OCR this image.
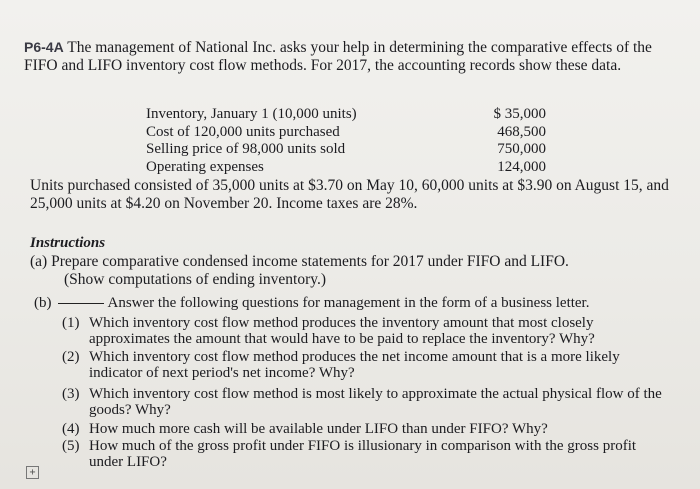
P6-4A The management of National Inc. asks your help in determining the comparative effects of the FIFO and LIFO inventory cost flow methods. For 2017, the accounting records show these data.
Inventory, January 1 (10,000 units)	$ 35,000
Cost of 120,000 units purchased	468,500
Selling price of 98,000 units sold	750,000
Operating expenses	124,000
Units purchased consisted of 35,000 units at $3.70 on May 10, 60,000 units at $3.90 on August 15, and 25,000 units at $4.20 on November 20. Income taxes are 28%.
Instructions
(a) Prepare comparative condensed income statements for 2017 under FIFO and LIFO.
(Show computations of ending inventory.)
(b)	Answer the following questions for management in the form of a business letter.
(1) Which inventory cost flow method produces the inventory amount that most closely approximates the amount that would have to be paid to replace the inventory? Why?
(2) Which inventory cost flow method produces the net income amount that is a more likely indicator of next period's net income? Why?
(3) Which inventory cost flow method is most likely to approximate the actual physical flow of the goods? Why?
(4) How much more cash will be available under LIFO than under FIFO? Why?
(5) How much of the gross profit under FIFO is illusionary in comparison with the gross profit under LIFO?
+
